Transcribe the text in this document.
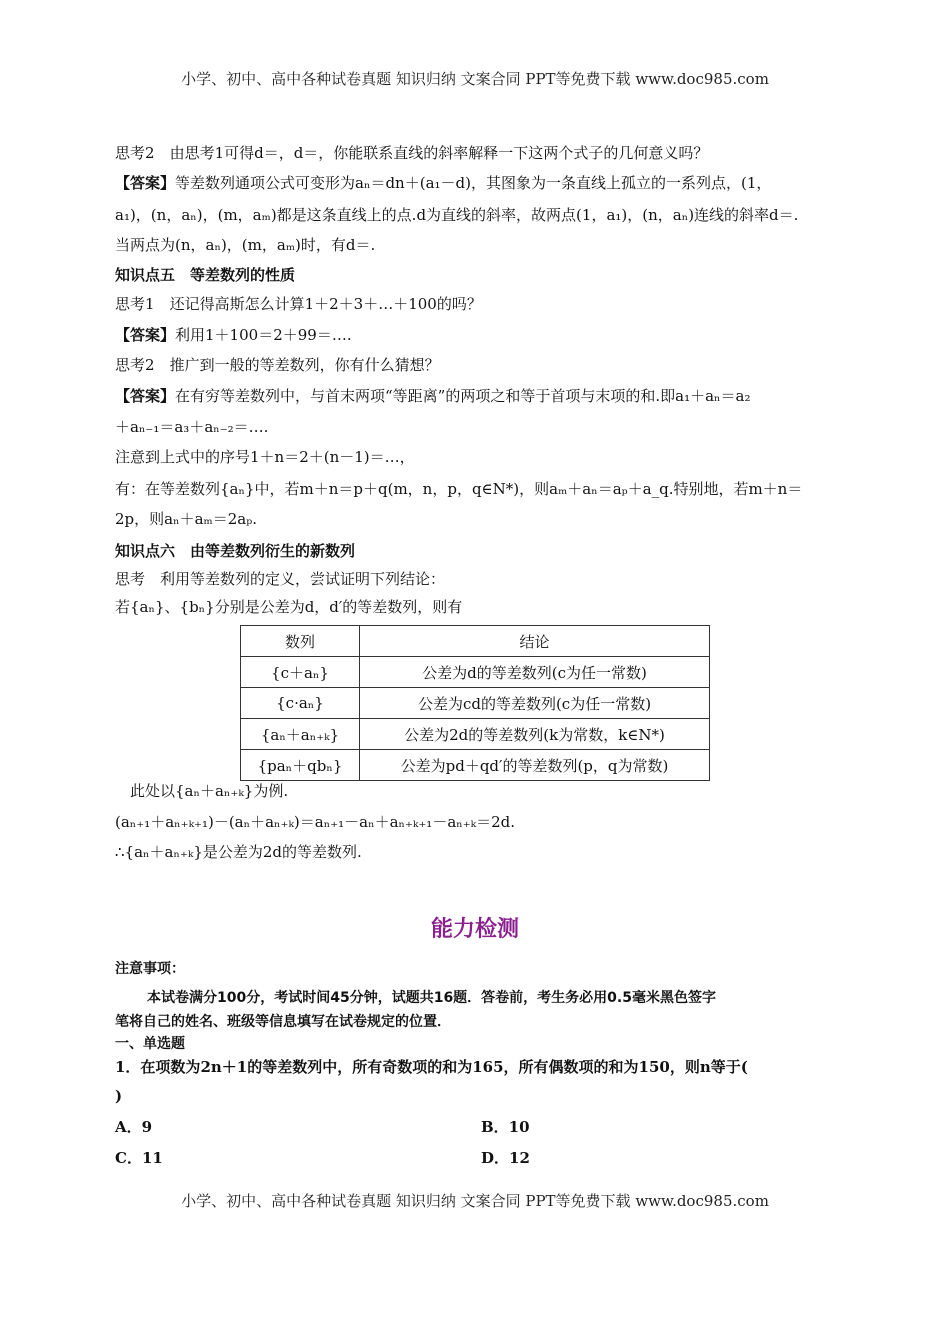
小学、初中、高中各种试卷真题 知识归纳 文案合同 PPT等免费下载 www.doc985.com
思考2　 由思考1可得d＝，d＝，你能联系直线的斜率解释一下这两个式子的几何意义吗？
【答案】等差数列通项公式可变形为aₙ＝dn＋(a₁－d)，其图象为一条直线上孤立的一系列点，(1，
a₁)，(n，aₙ)，(m，aₘ)都是这条直线上的点.d为直线的斜率，故两点(1，a₁)，(n，aₙ)连线的斜率d＝.
当两点为(n，aₙ)，(m，aₘ)时，有d＝.
知识点五　等差数列的性质
思考1　 还记得高斯怎么计算1＋2＋3＋…＋100的吗？
【答案】利用1＋100＝2＋99＝….
思考2　 推广到一般的等差数列，你有什么猜想？
【答案】在有穷等差数列中，与首末两项“等距离”的两项之和等于首项与末项的和.即a₁＋aₙ＝a₂
＋aₙ₋₁＝a₃＋aₙ₋₂＝….
注意到上式中的序号1＋n＝2＋(n－1)＝…，
有：在等差数列{aₙ}中，若m＋n＝p＋q(m，n，p，q∈N*)，则aₘ＋aₙ＝aₚ＋a_q.特别地，若m＋n＝
2p，则aₙ＋aₘ＝2aₚ.
知识点六　由等差数列衍生的新数列
思考　 利用等差数列的定义，尝试证明下列结论：
若{aₙ}、{bₙ}分别是公差为d，d′的等差数列，则有
数列	结论
{c＋aₙ}	公差为d的等差数列(c为任一常数)
{c·aₙ}	公差为cd的等差数列(c为任一常数)
{aₙ＋aₙ₊ₖ}	公差为2d的等差数列(k为常数，k∈N*)
{paₙ＋qbₙ}	公差为pd＋qd′的等差数列(p，q为常数)
此处以{aₙ＋aₙ₊ₖ}为例.
(aₙ₊₁＋aₙ₊ₖ₊₁)－(aₙ＋aₙ₊ₖ)＝aₙ₊₁－aₙ＋aₙ₊ₖ₊₁－aₙ₊ₖ＝2d.
∴{aₙ＋aₙ₊ₖ}是公差为2d的等差数列.
能力检测
注意事项：
本试卷满分100分，考试时间45分钟，试题共16题．答卷前，考生务必用0.5毫米黑色签字
笔将自己的姓名、班级等信息填写在试卷规定的位置．
一、单选题
1．在项数为2n＋1的等差数列中，所有奇数项的和为165，所有偶数项的和为150，则n等于(
)
A．9	B．10
C．11	D．12
小学、初中、高中各种试卷真题 知识归纳 文案合同 PPT等免费下载 www.doc985.com
